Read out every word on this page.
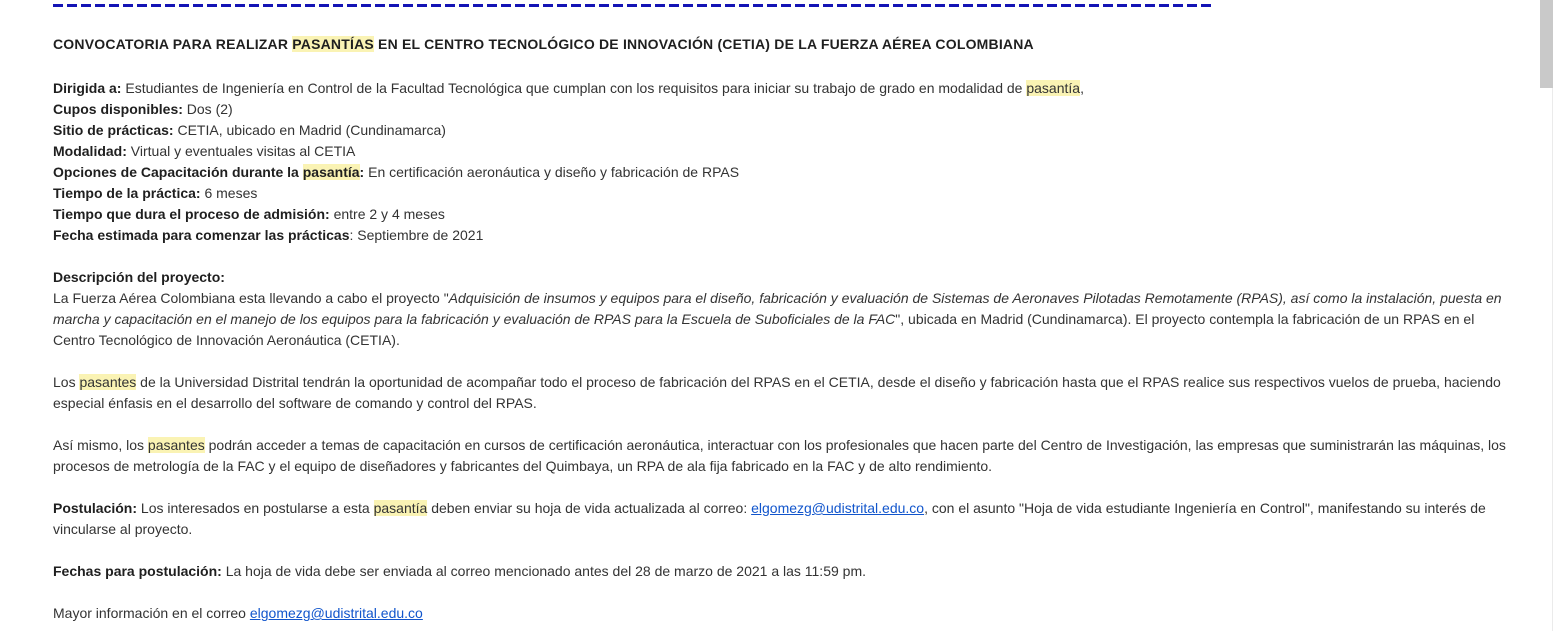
CONVOCATORIA PARA REALIZAR PASANTÍAS EN EL CENTRO TECNOLÓGICO DE INNOVACIÓN (CETIA) DE LA FUERZA AÉREA COLOMBIANA
Dirigida a: Estudiantes de Ingeniería en Control de la Facultad Tecnológica que cumplan con los requisitos para iniciar su trabajo de grado en modalidad de pasantía,
Cupos disponibles: Dos (2)
Sitio de prácticas: CETIA, ubicado en Madrid (Cundinamarca)
Modalidad: Virtual y eventuales visitas al CETIA
Opciones de Capacitación durante la pasantía: En certificación aeronáutica y diseño y fabricación de RPAS
Tiempo de la práctica: 6 meses
Tiempo que dura el proceso de admisión: entre 2 y 4 meses
Fecha estimada para comenzar las prácticas: Septiembre de 2021
Descripción del proyecto:
La Fuerza Aérea Colombiana esta llevando a cabo el proyecto "Adquisición de insumos y equipos para el diseño, fabricación y evaluación de Sistemas de Aeronaves Pilotadas Remotamente (RPAS), así como la instalación, puesta en marcha y capacitación en el manejo de los equipos para la fabricación y evaluación de RPAS para la Escuela de Suboficiales de la FAC", ubicada en Madrid (Cundinamarca). El proyecto contempla la fabricación de un RPAS en el Centro Tecnológico de Innovación Aeronáutica (CETIA).
Los pasantes de la Universidad Distrital tendrán la oportunidad de acompañar todo el proceso de fabricación del RPAS en el CETIA, desde el diseño y fabricación hasta que el RPAS realice sus respectivos vuelos de prueba, haciendo especial énfasis en el desarrollo del software de comando y control del RPAS.
Así mismo, los pasantes podrán acceder a temas de capacitación en cursos de certificación aeronáutica, interactuar con los profesionales que hacen parte del Centro de Investigación, las empresas que suministrarán las máquinas, los procesos de metrología de la FAC y el equipo de diseñadores y fabricantes del Quimbaya, un RPA de ala fija fabricado en la FAC y de alto rendimiento.
Postulación: Los interesados en postularse a esta pasantía deben enviar su hoja de vida actualizada al correo: elgomezg@udistrital.edu.co, con el asunto "Hoja de vida estudiante Ingeniería en Control", manifestando su interés de vincularse al proyecto.
Fechas para postulación: La hoja de vida debe ser enviada al correo mencionado antes del 28 de marzo de 2021 a las 11:59 pm.
Mayor información en el correo elgomezg@udistrital.edu.co
